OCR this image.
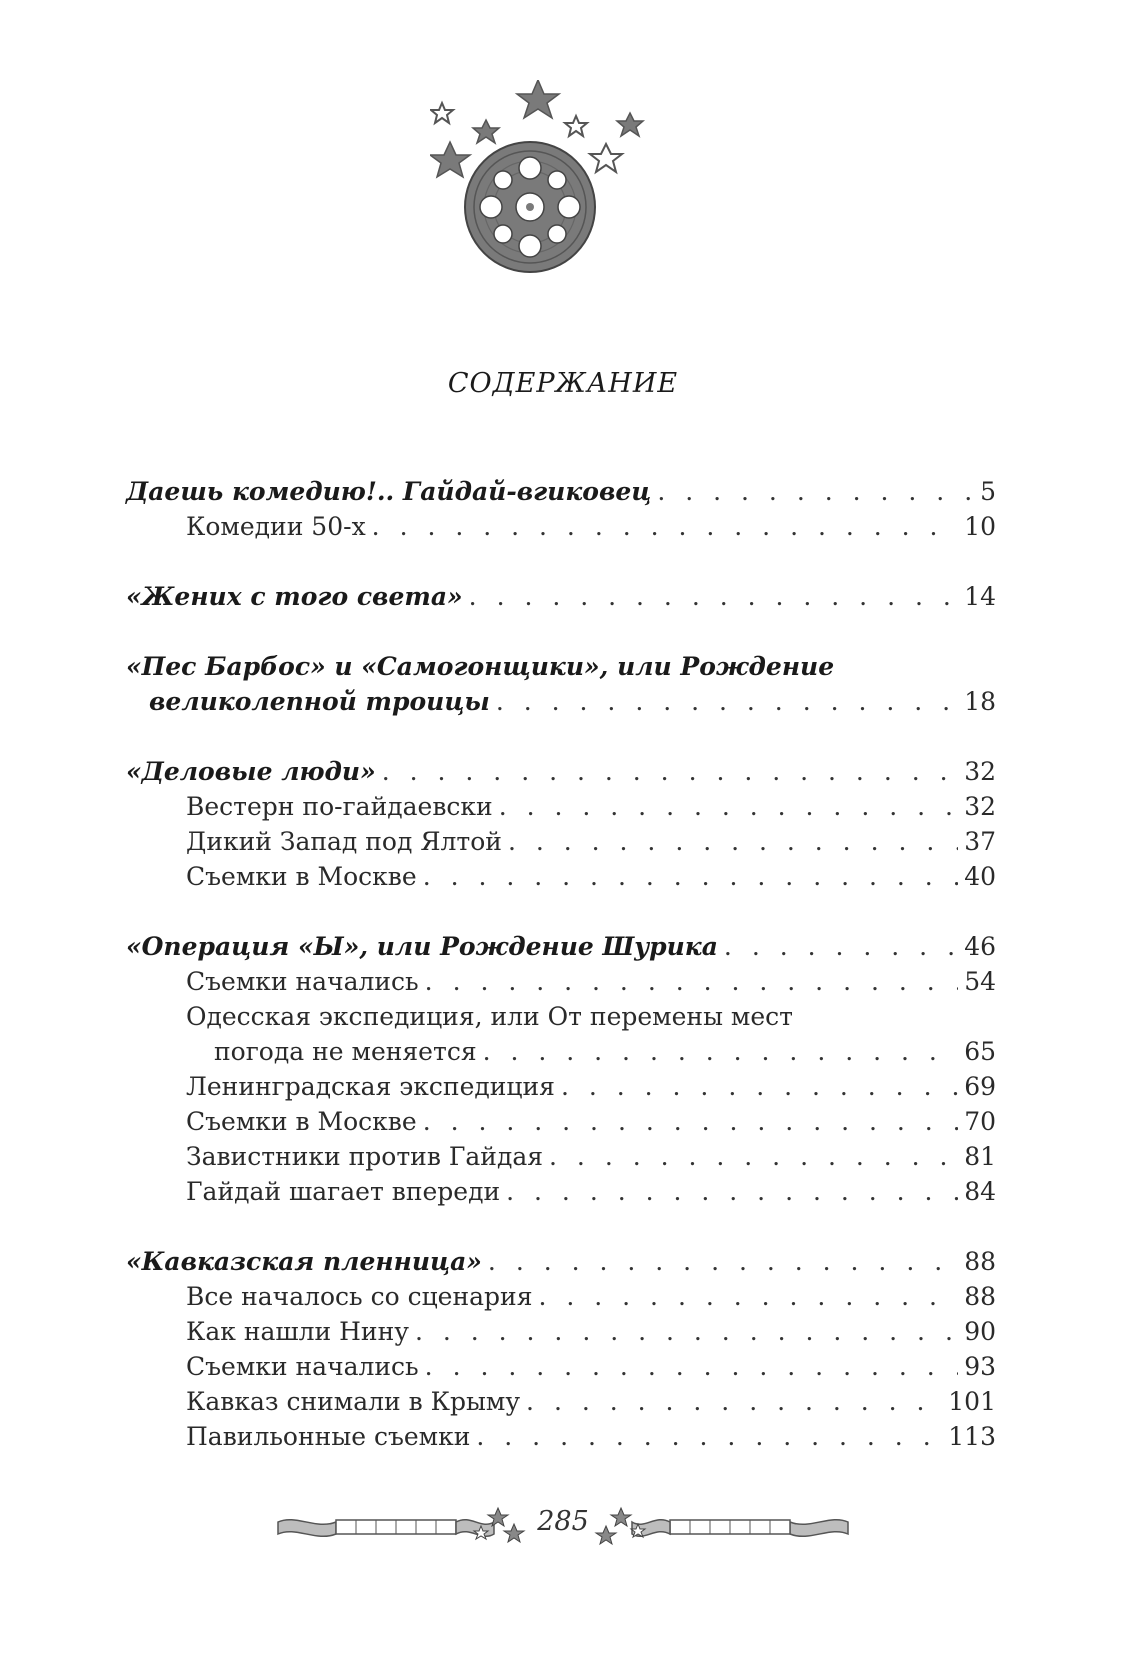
СОДЕРЖАНИЕ
Даешь комедию!.. Гайдай-вгиковец . . .	5
Комедии 50-х . . .	10
«Жених с того света» . . .	14
«Пес Барбос» и «Самогонщики», или Рождение
великолепной троицы . . .	18
«Деловые люди» . . .	32
Вестерн по-гайдаевски . . .	32
Дикий Запад под Ялтой . . .	37
Съемки в Москве . . .	40
«Операция «Ы», или Рождение Шурика . . .	46
Съемки начались . . .	54
Одесская экспедиция, или От перемены мест
погода не меняется . . .	65
Ленинградская экспедиция . . .	69
Съемки в Москве . . .	70
Завистники против Гайдая . . .	81
Гайдай шагает впереди . . .	84
«Кавказская пленница» . . .	88
Все началось со сценария . . .	88
Как нашли Нину . . .	90
Съемки начались . . .	93
Кавказ снимали в Крыму . . .	101
Павильонные съемки . . .	113
285
